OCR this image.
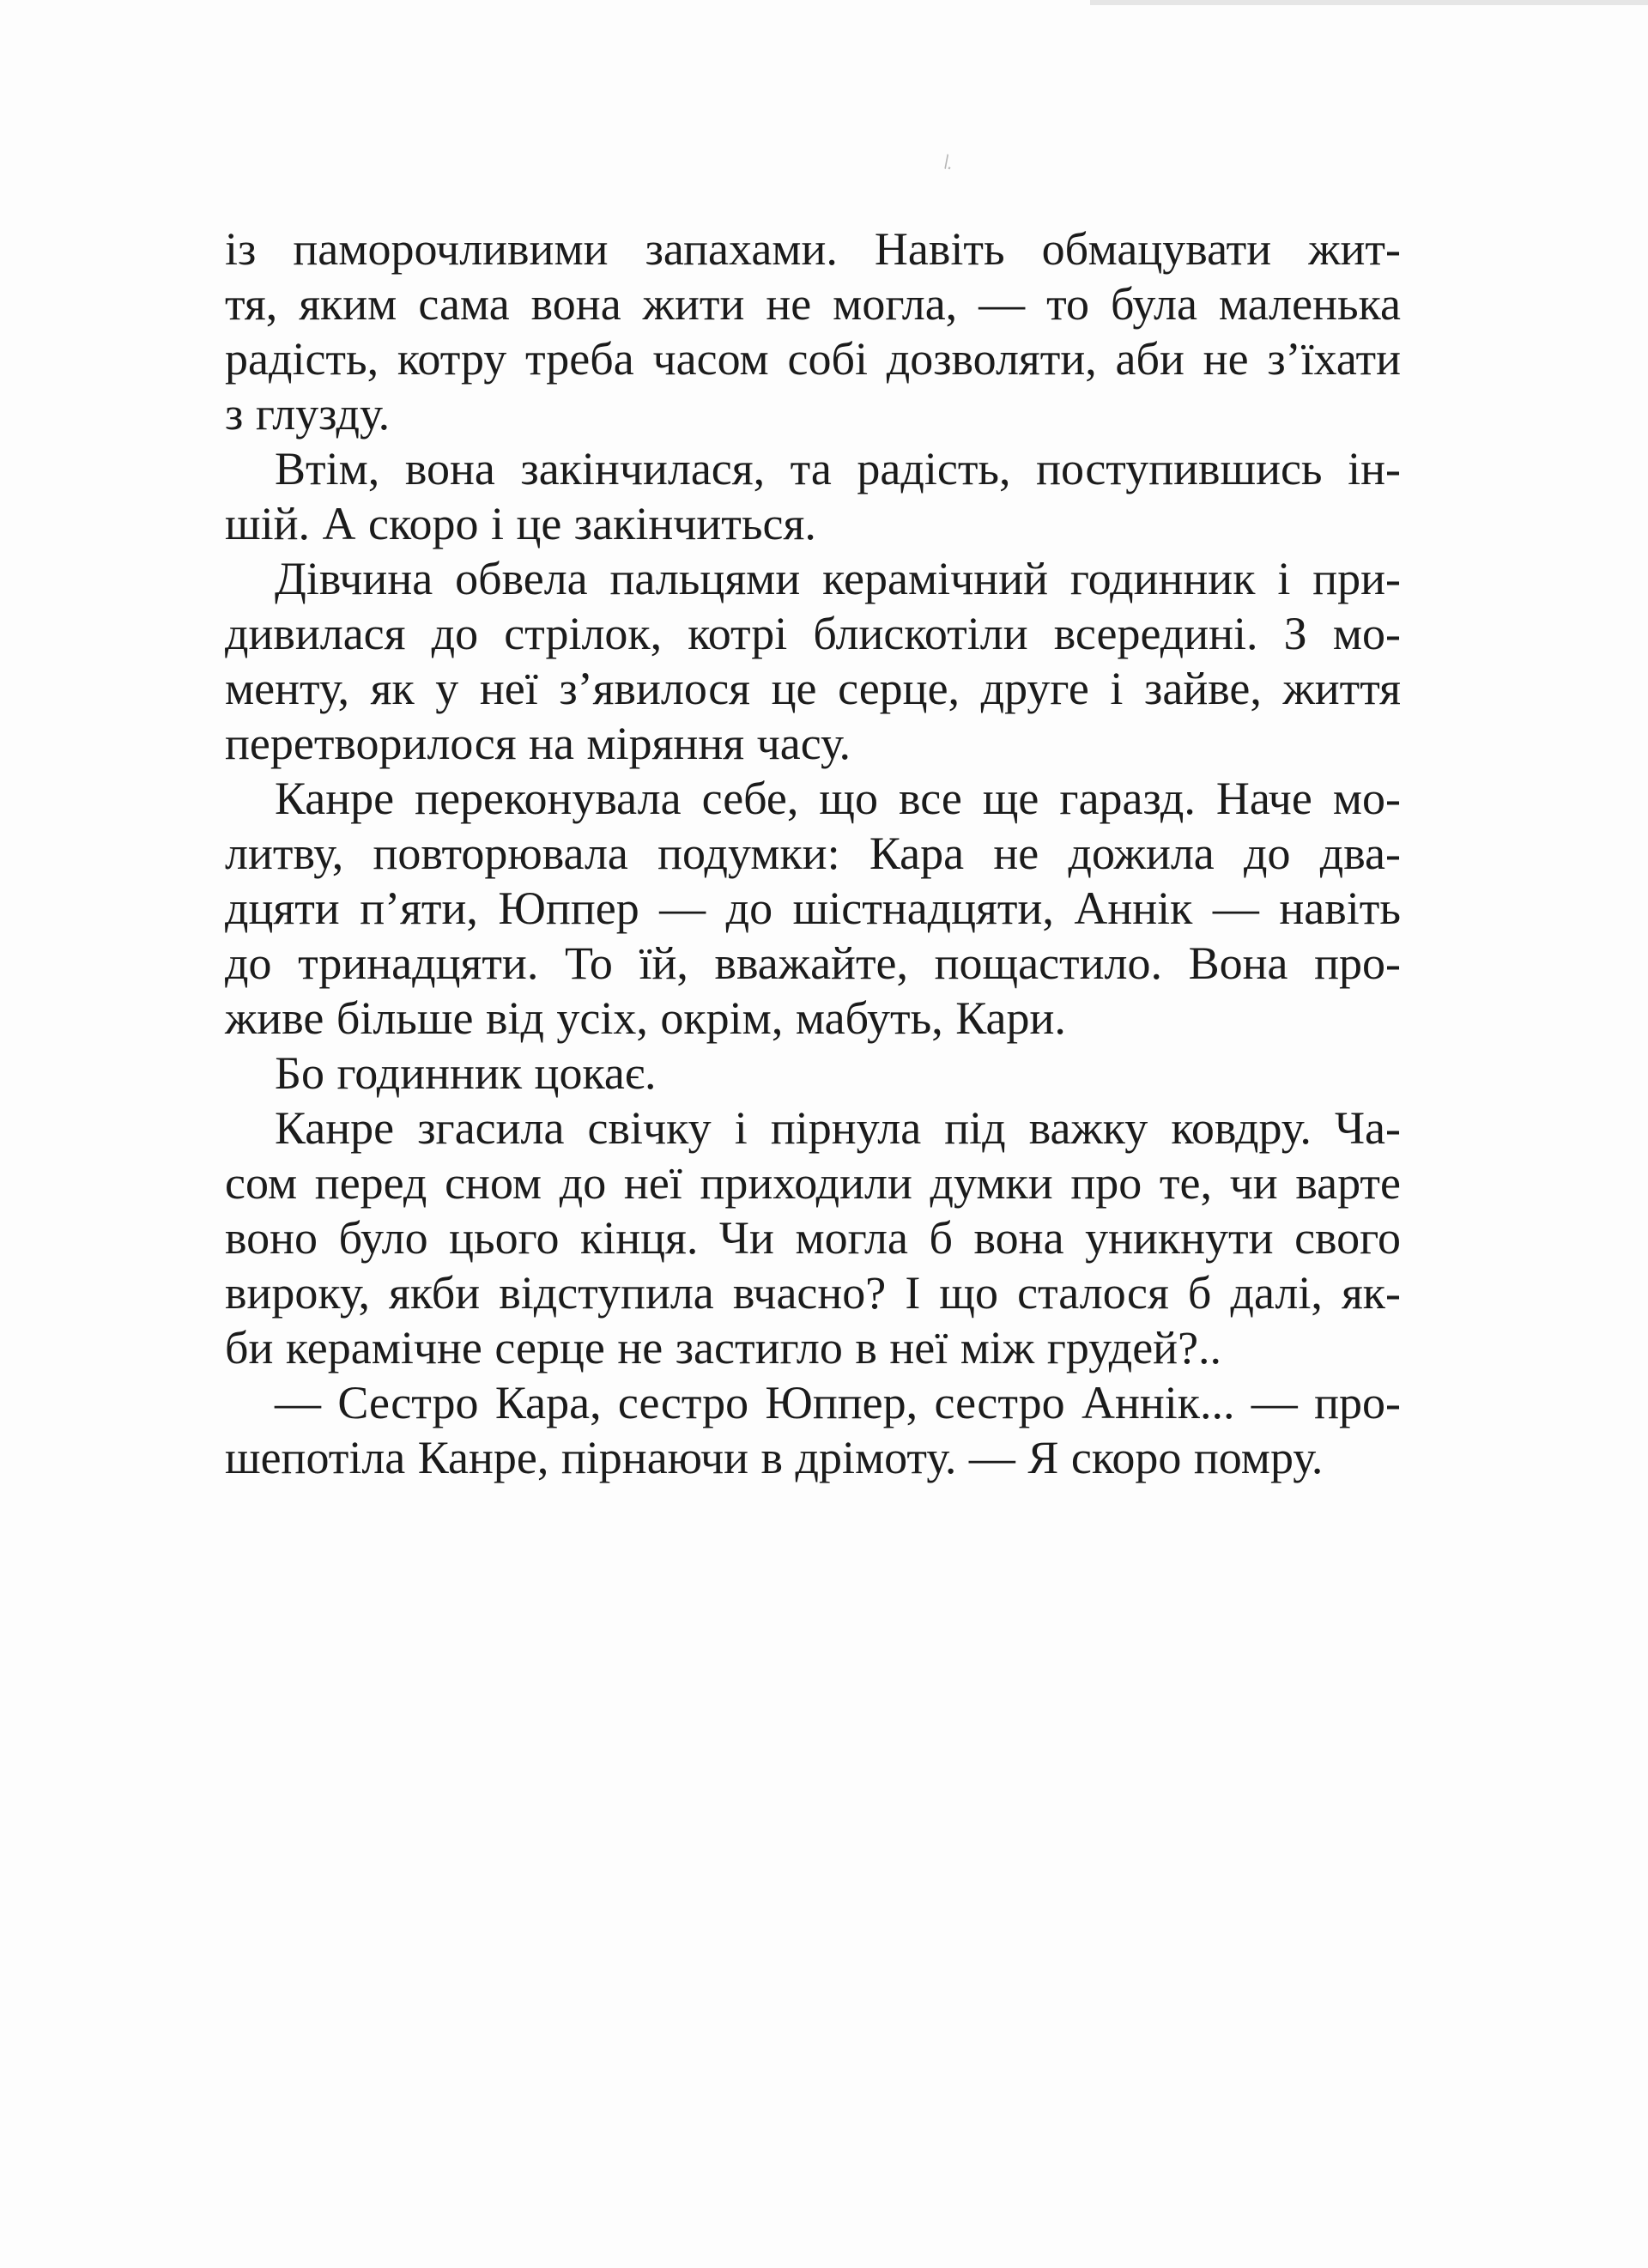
\.
із паморочливими запахами. Навіть обмацувати жит-
тя, яким сама вона жити не могла, — то була маленька
радість, котру треба часом собі дозволяти, аби не з’їхати
з глузду.
Втім, вона закінчилася, та радість, поступившись ін-
шій. А скоро і це закінчиться.
Дівчина обвела пальцями керамічний годинник і при-
дивилася до стрілок, котрі блискотіли всередині. З мо-
менту, як у неї з’явилося це серце, друге і зайве, життя
перетворилося на міряння часу.
Канре переконувала себе, що все ще гаразд. Наче мо-
литву, повторювала подумки: Кара не дожила до два-
дцяти п’яти, Юппер — до шістнадцяти, Аннік — навіть
до тринадцяти. То їй, вважайте, пощастило. Вона про-
живе більше від усіх, окрім, мабуть, Кари.
Бо годинник цокає.
Канре згасила свічку і пірнула під важку ковдру. Ча-
сом перед сном до неї приходили думки про те, чи варте
воно було цього кінця. Чи могла б вона уникнути свого
вироку, якби відступила вчасно? І що сталося б далі, як-
би керамічне серце не застигло в неї між грудей?..
— Сестро Кара, сестро Юппер, сестро Аннік... — про-
шепотіла Канре, пірнаючи в дрімоту. — Я скоро помру.
